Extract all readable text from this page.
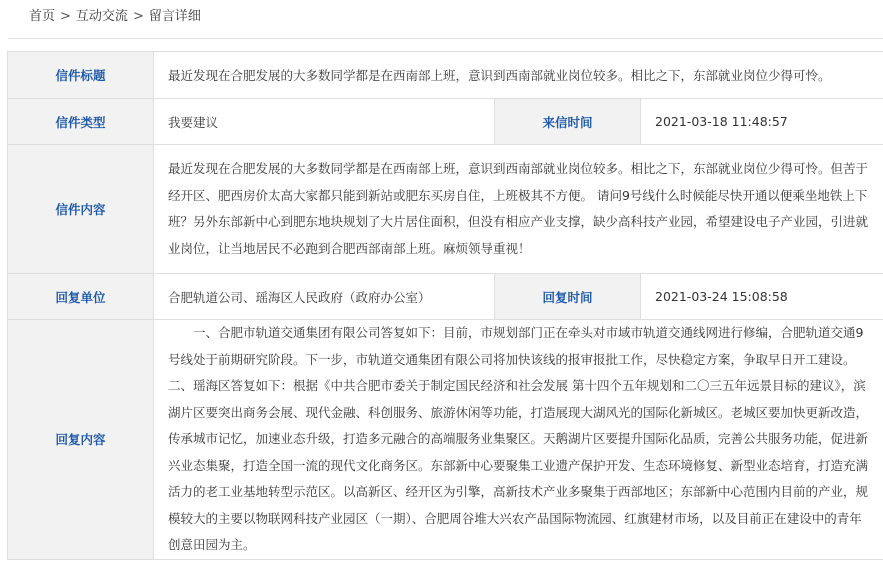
首页 > 互动交流 > 留言详细
信件标题	最近发现在合肥发展的大多数同学都是在西南部上班，意识到西南部就业岗位较多。相比之下，东部就业岗位少得可怜。		
信件类型	我要建议	来信时间	2021-03-18 11:48:57
信件内容	最近发现在合肥发展的大多数同学都是在西南部上班，意识到西南部就业岗位较多。相比之下，东部就业岗位少得可怜。但苦于经开区、肥西房价太高大家都只能到新站或肥东买房自住，上班极其不方便。 请问9号线什么时候能尽快开通以便乘坐地铁上下班？另外东部新中心到肥东地块规划了大片居住面积，但没有相应产业支撑，缺少高科技产业园，希望建设电子产业园，引进就业岗位，让当地居民不必跑到合肥西部南部上班。麻烦领导重视！		
回复单位	合肥轨道公司、瑶海区人民政府（政府办公室）	回复时间	2021-03-24 15:08:58
回复内容	一、合肥市轨道交通集团有限公司答复如下：目前，市规划部门正在牵头对市域市轨道交通线网进行修编，合肥轨道交通9号线处于前期研究阶段。下一步，市轨道交通集团有限公司将加快该线的报审报批工作，尽快稳定方案，争取早日开工建设。二、瑶海区答复如下：根据《中共合肥市委关于制定国民经济和社会发展 第十四个五年规划和二〇三五年远景目标的建议》，滨湖片区要突出商务会展、现代金融、科创服务、旅游休闲等功能，打造展现大湖风光的国际化新城区。老城区要加快更新改造，传承城市记忆，加速业态升级，打造多元融合的高端服务业集聚区。天鹅湖片区要提升国际化品质，完善公共服务功能，促进新兴业态集聚，打造全国一流的现代文化商务区。东部新中心要聚集工业遗产保护开发、生态环境修复、新型业态培育，打造充满活力的老工业基地转型示范区。以高新区、经开区为引擎，高新技术产业多聚集于西部地区；东部新中心范围内目前的产业，规模较大的主要以物联网科技产业园区（一期）、合肥周谷堆大兴农产品国际物流园、红旗建材市场，以及目前正在建设中的青年创意田园为主。		
